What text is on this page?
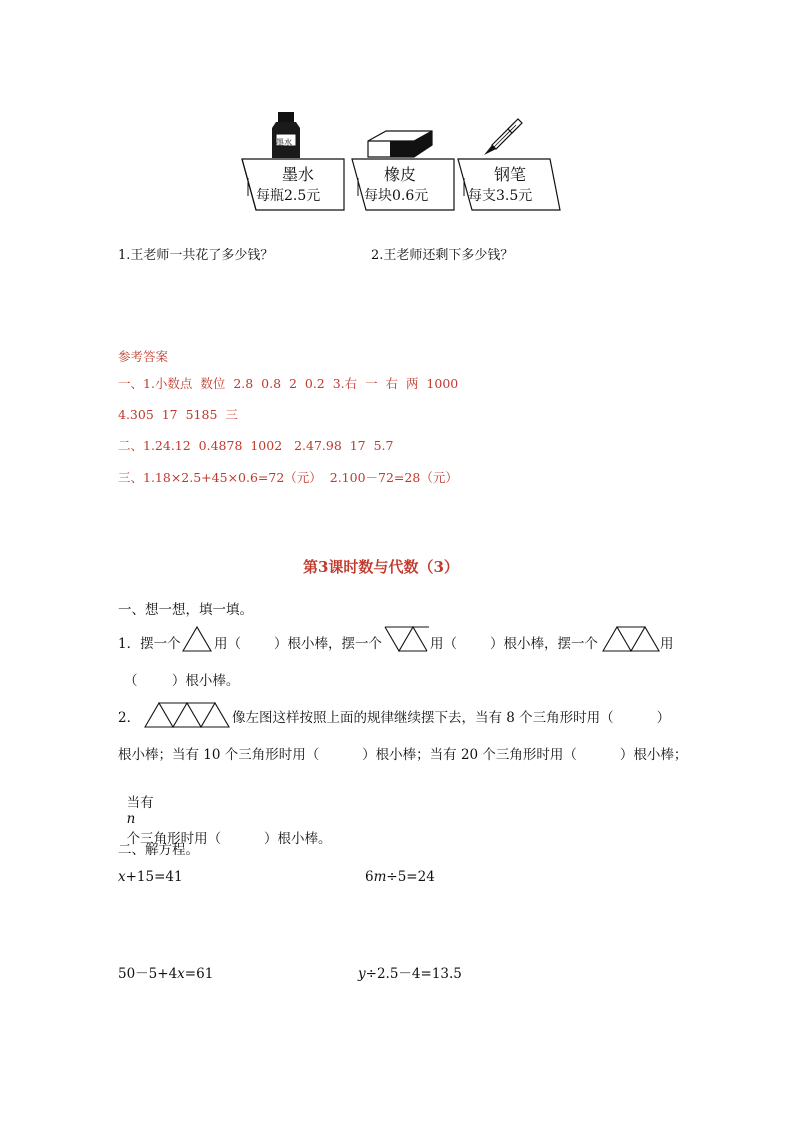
墨水
墨水
每瓶2.5元
橡皮
每块0.6元
钢笔
每支3.5元
1.王老师一共花了多少钱？	2.王老师还剩下多少钱？
参考答案
一、1.小数点  数位  2.8  0.8  2  0.2  3.右  一  右  两  1000
4.305  17  5185  三
二、1.24.12  0.4878  1002   2.47.98  17  5.7
三、1.18×2.5+45×0.6=72（元）  2.100－72=28（元）
第3课时数与代数（3）
一、想一想，填一填。
1．摆一个 用（ ）根小棒，摆一个	用（ ）根小棒，摆一个	用
（        ）根小棒。
2．	像左图这样按照上面的规律继续摆下去，当有 8 个三角形时用（          ）
根小棒；当有 10 个三角形时用（          ）根小棒；当有 20 个三角形时用（          ）根小棒；

当有
n
个三角形时用（          ）根小棒。

二、解方程。
x+15=41	6m÷5=24
50－5+4x=61	y÷2.5－4=13.5
